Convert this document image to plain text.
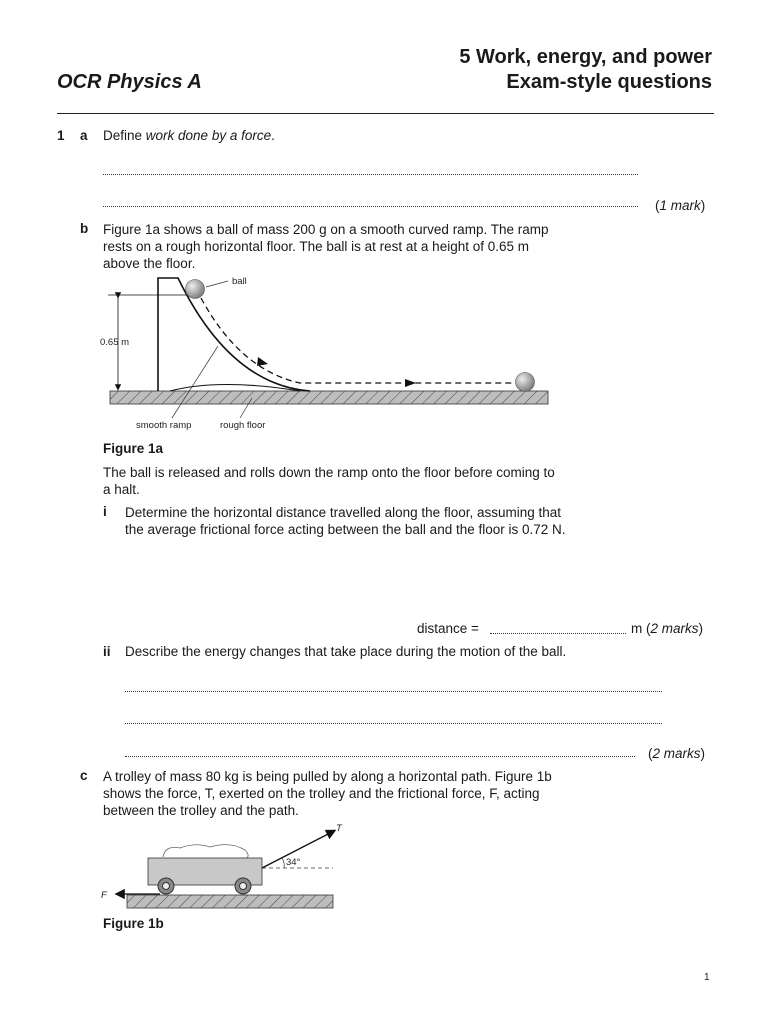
5 Work, energy, and power
OCR Physics A	Exam-style questions
1 a Define work done by a force.
(1 mark)
b Figure 1a shows a ball of mass 200 g on a smooth curved ramp. The ramp
rests on a rough horizontal floor. The ball is at rest at a height of 0.65 m
above the floor.
ball
0.65 m
smooth ramp	rough floor
T
F
34°
Figure 1a
The ball is released and rolls down the ramp onto the floor before coming to
a halt.
i Determine the horizontal distance travelled along the floor, assuming that
the average frictional force acting between the ball and the floor is 0.72 N.
distance =	m (2 marks)
ii Describe the energy changes that take place during the motion of the ball.
(2 marks)
c A trolley of mass 80 kg is being pulled by along a horizontal path. Figure 1b
shows the force, T, exerted on the trolley and the frictional force, F, acting
between the trolley and the path.
Figure 1b
1
